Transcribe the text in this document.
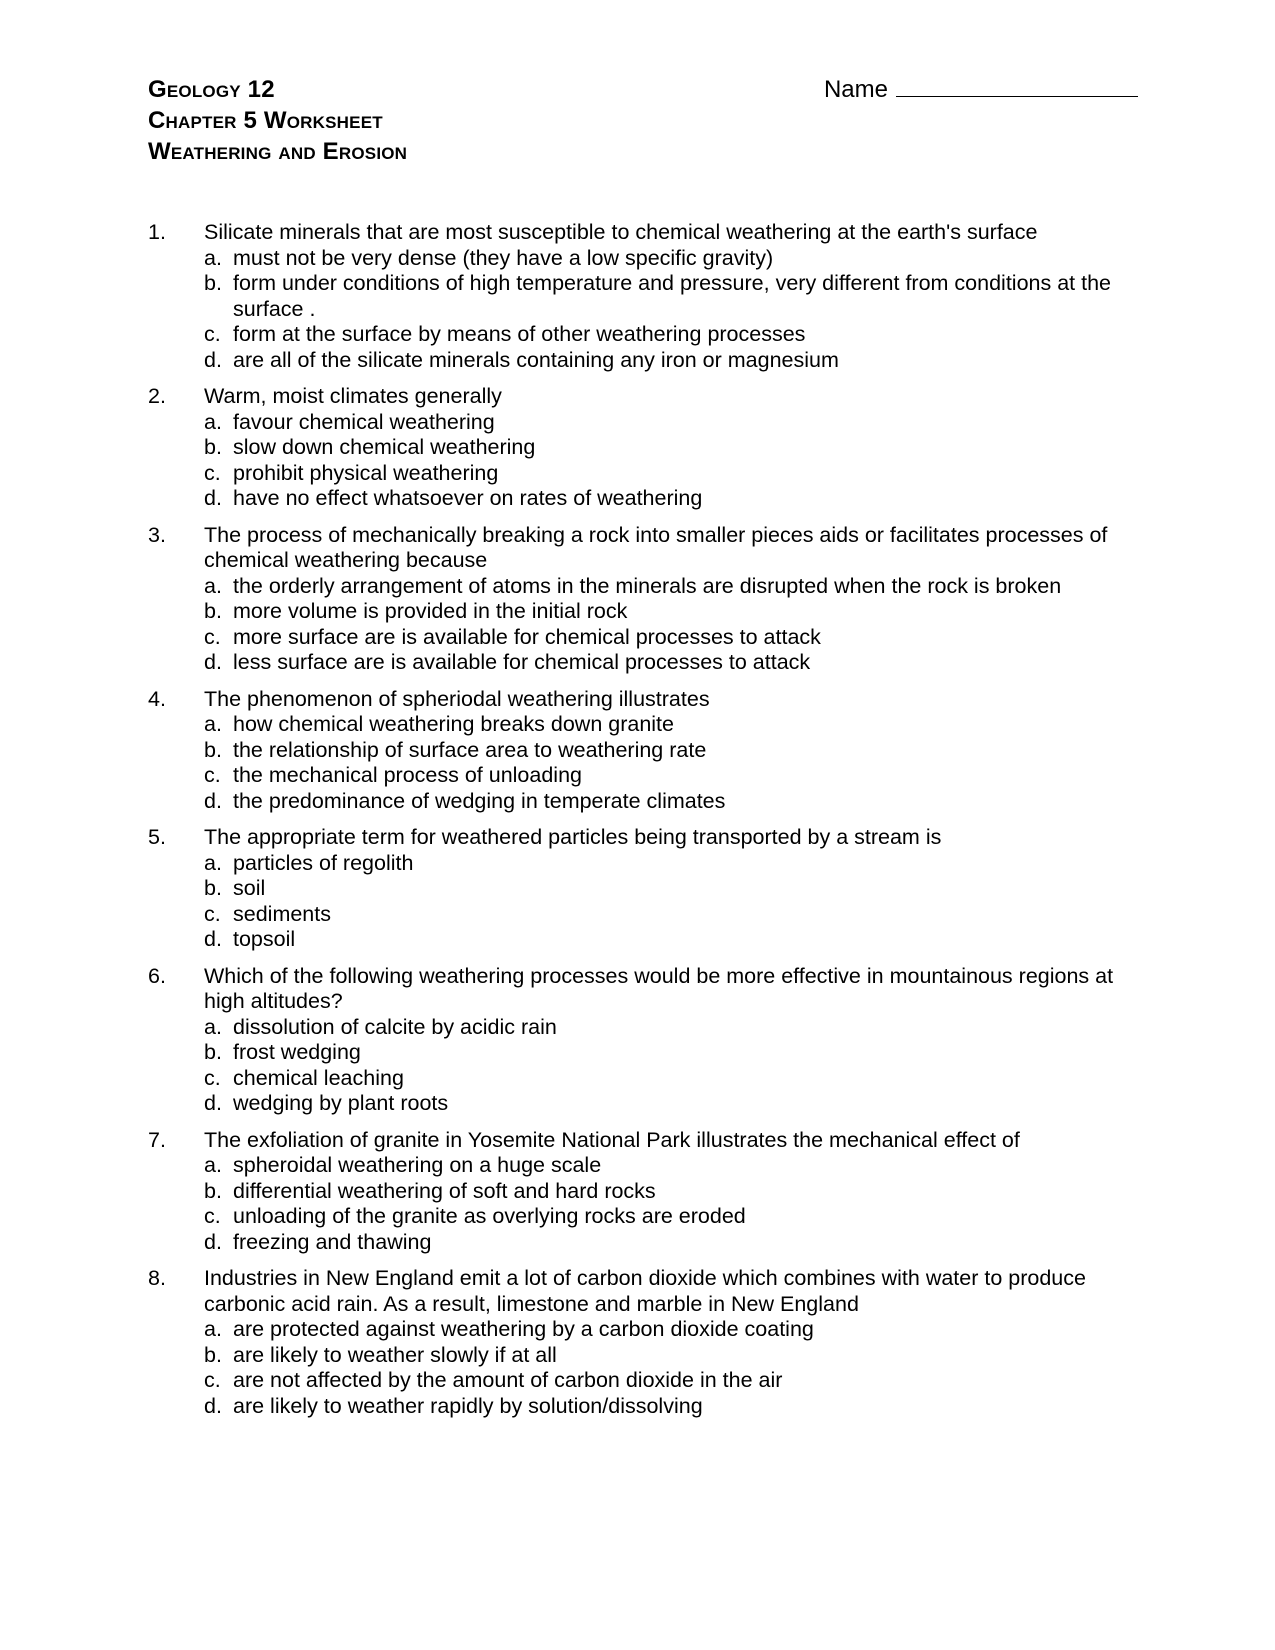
Geology 12
Chapter 5 Worksheet
Weathering and Erosion
Name
1. Silicate minerals that are most susceptible to chemical weathering at the earth's surface
a. must not be very dense (they have a low specific gravity)
b. form under conditions of high temperature and pressure, very different from conditions at the surface .
c. form at the surface by means of other weathering processes
d. are all of the silicate minerals containing any iron or magnesium
2. Warm, moist climates generally
a. favour chemical weathering
b. slow down chemical weathering
c. prohibit physical weathering
d. have no effect whatsoever on rates of weathering
3. The process of mechanically breaking a rock into smaller pieces aids or facilitates processes of chemical weathering because
a. the orderly arrangement of atoms in the minerals are disrupted when the rock is broken
b. more volume is provided in the initial rock
c. more surface are is available for chemical processes to attack
d. less surface are is available for chemical processes to attack
4. The phenomenon of spheriodal weathering illustrates
a. how chemical weathering breaks down granite
b. the relationship of surface area to weathering rate
c. the mechanical process of unloading
d. the predominance of wedging in temperate climates
5. The appropriate term for weathered particles being transported by a stream is
a. particles of regolith
b. soil
c. sediments
d. topsoil
6. Which of the following weathering processes would be more effective in mountainous regions at high altitudes?
a. dissolution of calcite by acidic rain
b. frost wedging
c. chemical leaching
d. wedging by plant roots
7. The exfoliation of granite in Yosemite National Park illustrates the mechanical effect of
a. spheroidal weathering on a huge scale
b. differential weathering of soft and hard rocks
c. unloading of the granite as overlying rocks are eroded
d. freezing and thawing
8. Industries in New England emit a lot of carbon dioxide which combines with water to produce carbonic acid rain. As a result, limestone and marble in New England
a. are protected against weathering by a carbon dioxide coating
b. are likely to weather slowly if at all
c. are not affected by the amount of carbon dioxide in the air
d. are likely to weather rapidly by solution/dissolving
